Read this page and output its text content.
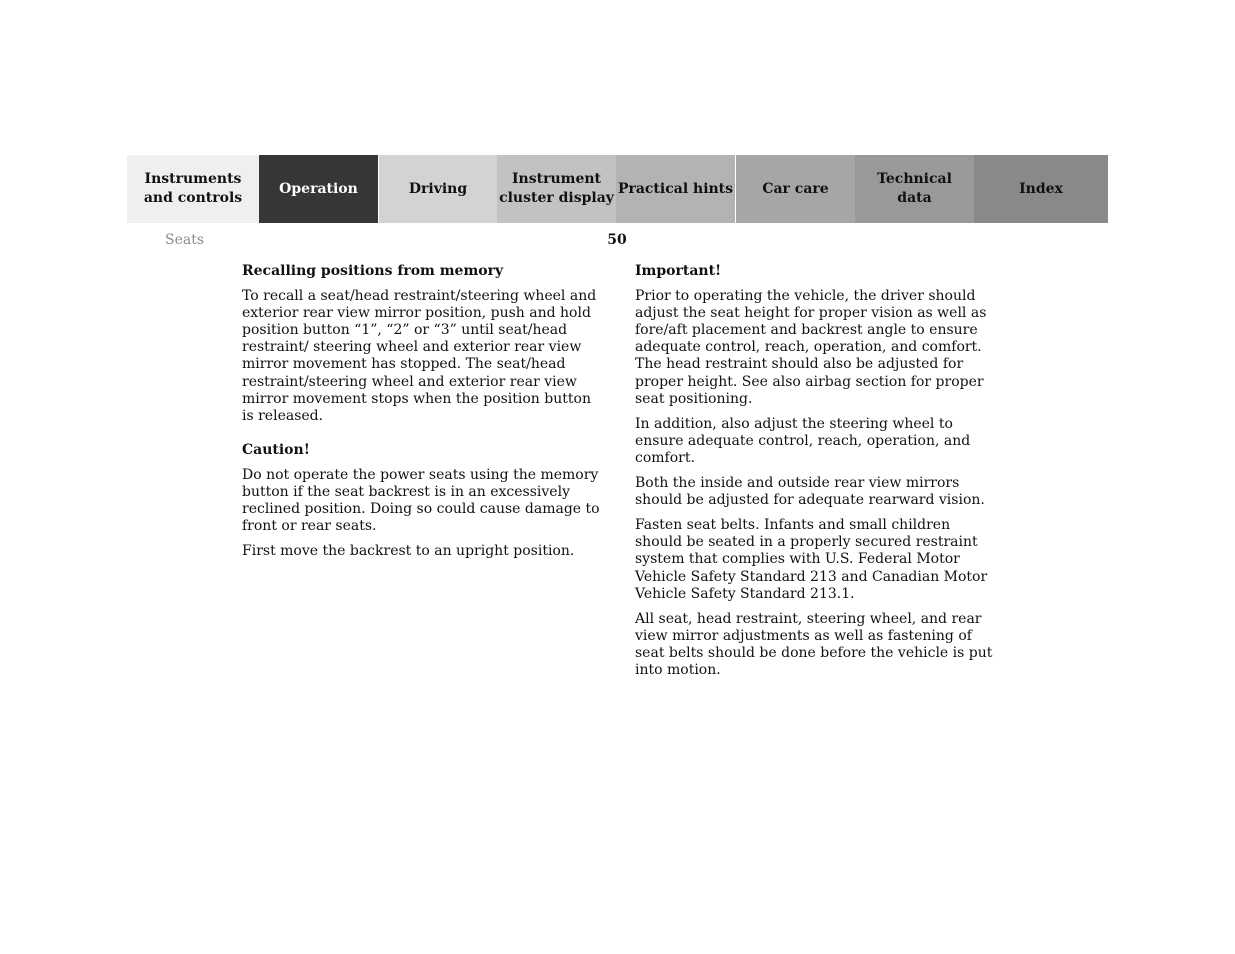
Instruments
and controls
Operation	Driving
Instrument
cluster display
Practical hints Car care
Technical
data
Index
Seats	50
Recalling positions from memory

To recall a seat/head restraint/steering wheel and exterior rear view mirror position, push and hold position button “1”, “2” or “3” until seat/head restraint/ steering wheel and exterior rear view mirror movement has stopped. The seat/head restraint/steering wheel and exterior rear view mirror movement stops when the position button is released.

Caution!

Do not operate the power seats using the memory button if the seat backrest is in an excessively reclined position. Doing so could cause damage to front or rear seats.

First move the backrest to an upright position.

Important!

Prior to operating the vehicle, the driver should adjust the seat height for proper vision as well as fore/aft placement and backrest angle to ensure adequate control, reach, operation, and comfort. The head restraint should also be adjusted for proper height. See also airbag section for proper seat positioning.

In addition, also adjust the steering wheel to ensure adequate control, reach, operation, and comfort.

Both the inside and outside rear view mirrors should be adjusted for adequate rearward vision.

Fasten seat belts. Infants and small children should be seated in a properly secured restraint system that complies with U.S. Federal Motor Vehicle Safety Standard 213 and Canadian Motor Vehicle Safety Standard 213.1.

All seat, head restraint, steering wheel, and rear view mirror adjustments as well as fastening of seat belts should be done before the vehicle is put into motion.
